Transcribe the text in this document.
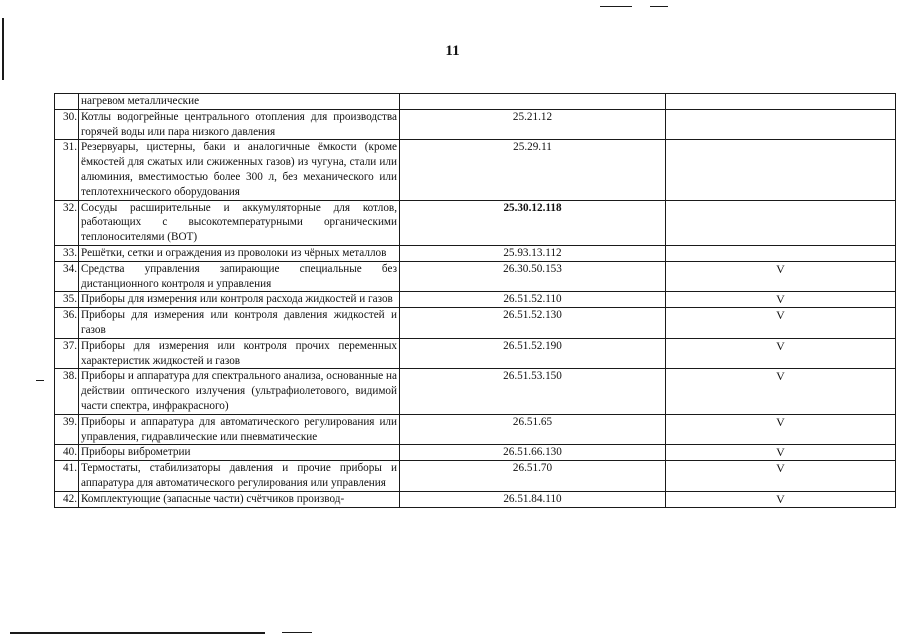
11
	нагревом металлические		
30.	Котлы водогрейные центрального отопления для производства горячей воды или пара низкого давления	25.21.12	
31.	Резервуары, цистерны, баки и аналогичные ёмкости (кроме ёмкостей для сжатых или сжиженных газов) из чугуна, стали или алюминия, вместимостью более 300 л, без механического или теплотехнического оборудования	25.29.11	
32.	Сосуды расширительные и аккумуляторные для котлов, работающих с высокотемпературными органическими теплоносителями (ВОТ)	25.30.12.118	
33.	Решётки, сетки и ограждения из проволоки из чёрных металлов	25.93.13.112	
34.	Средства управления запирающие специальные без дистанционного контроля и управления	26.30.50.153	V
35.	Приборы для измерения или контроля расхода жидкостей и газов	26.51.52.110	V
36.	Приборы для измерения или контроля давления жидкостей и газов	26.51.52.130	V
37.	Приборы для измерения или контроля прочих переменных характеристик жидкостей и газов	26.51.52.190	V
38.	Приборы и аппаратура для спектрального анализа, основанные на действии оптического излучения (ультрафиолетового, видимой части спектра, инфракрасного)	26.51.53.150	V
39.	Приборы и аппаратура для автоматического регулирования или управления, гидравлические или пневматические	26.51.65	V
40.	Приборы виброметрии	26.51.66.130	V
41.	Термостаты, стабилизаторы давления и прочие приборы и аппаратура для автоматического регулирования или управления	26.51.70	V
42.	Комплектующие (запасные части) счётчиков производ-	26.51.84.110	V
